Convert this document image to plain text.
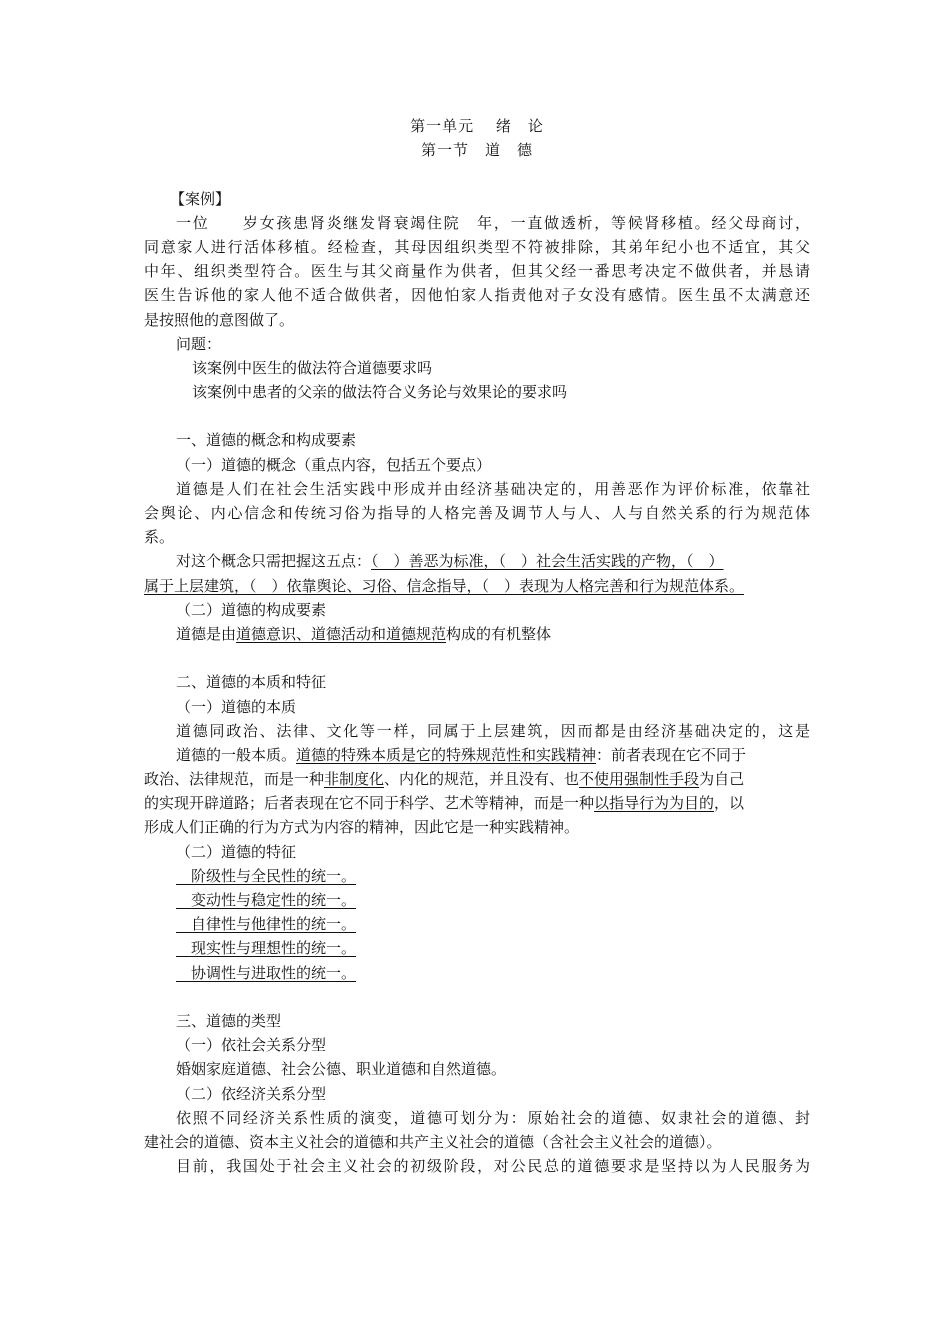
第一单元　 绪　论
第一节　道　德
【案例】
一位　　岁女孩患肾炎继发肾衰竭住院　年，一直做透析，等候肾移植。经父母商讨，
同意家人进行活体移植。经检查，其母因组织类型不符被排除，其弟年纪小也不适宜，其父
中年、组织类型符合。医生与其父商量作为供者，但其父经一番思考决定不做供者，并恳请
医生告诉他的家人他不适合做供者，因他怕家人指责他对子女没有感情。医生虽不太满意还
是按照他的意图做了。
问题：
该案例中医生的做法符合道德要求吗
该案例中患者的父亲的做法符合义务论与效果论的要求吗
一、道德的概念和构成要素
（一）道德的概念（重点内容，包括五个要点）
道德是人们在社会生活实践中形成并由经济基础决定的，用善恶作为评价标准，依靠社
会舆论、内心信念和传统习俗为指导的人格完善及调节人与人、人与自然关系的行为规范体
系。
对这个概念只需把握这五点：（　）善恶为标准，（　）社会生活实践的产物，（　）
属于上层建筑，（　）依靠舆论、习俗、信念指导，（　）表现为人格完善和行为规范体系。
（二）道德的构成要素
道德是由道德意识、道德活动和道德规范构成的有机整体
二、道德的本质和特征
（一）道德的本质
道德同政治、法律、文化等一样，同属于上层建筑，因而都是由经济基础决定的，这是
道德的一般本质。道德的特殊本质是它的特殊规范性和实践精神：前者表现在它不同于
政治、法律规范，而是一种非制度化、内化的规范，并且没有、也不使用强制性手段为自己
的实现开辟道路；后者表现在它不同于科学、艺术等精神，而是一种以指导行为为目的，以
形成人们正确的行为方式为内容的精神，因此它是一种实践精神。
（二）道德的特征
　阶级性与全民性的统一。
　变动性与稳定性的统一。
　自律性与他律性的统一。
　现实性与理想性的统一。
　协调性与进取性的统一。
三、道德的类型
（一）依社会关系分型
婚姻家庭道德、社会公德、职业道德和自然道德。
（二）依经济关系分型
依照不同经济关系性质的演变，道德可划分为：原始社会的道德、奴隶社会的道德、封
建社会的道德、资本主义社会的道德和共产主义社会的道德（含社会主义社会的道德）。
目前，我国处于社会主义社会的初级阶段，对公民总的道德要求是坚持以为人民服务为
